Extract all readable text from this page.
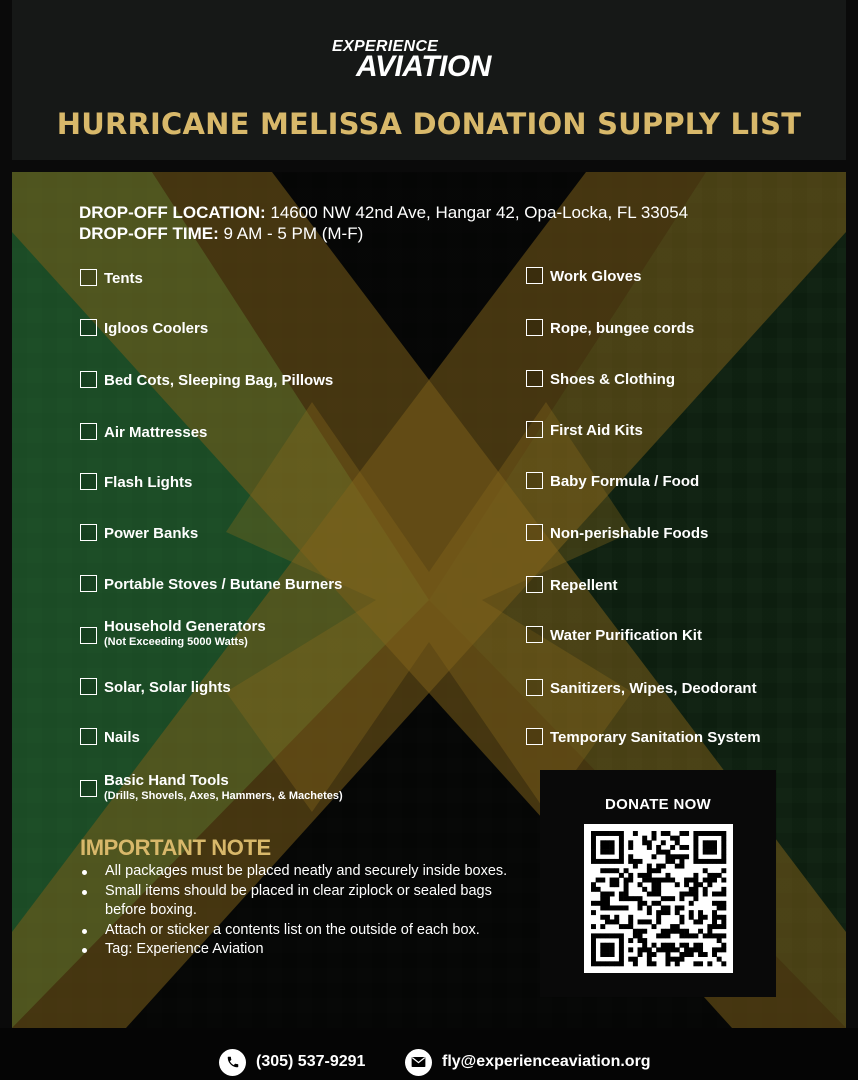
EXPERIENCE
AVIATION
HURRICANE MELISSA DONATION SUPPLY LIST
DROP-OFF LOCATION: 14600 NW 42nd Ave, Hangar 42, Opa-Locka, FL 33054
DROP-OFF TIME: 9 AM - 5 PM (M-F)
Tents
Igloos Coolers
Bed Cots, Sleeping Bag, Pillows
Air Mattresses
Flash Lights
Power Banks
Portable Stoves / Butane Burners
Household Generators
(Not Exceeding 5000 Watts)
Solar, Solar lights
Nails
Basic Hand Tools
(Drills, Shovels, Axes, Hammers, & Machetes)
Work Gloves
Rope, bungee cords
Shoes & Clothing
First Aid Kits
Baby Formula / Food
Non-perishable Foods
Repellent
Water Purification Kit
Sanitizers, Wipes, Deodorant
Temporary Sanitation System
IMPORTANT NOTE
All packages must be placed neatly and securely inside boxes.
Small items should be placed in clear ziplock or sealed bags before boxing.
Attach or sticker a contents list on the outside of each box.
Tag: Experience Aviation
DONATE NOW
(305) 537-9291	fly@experienceaviation.org
